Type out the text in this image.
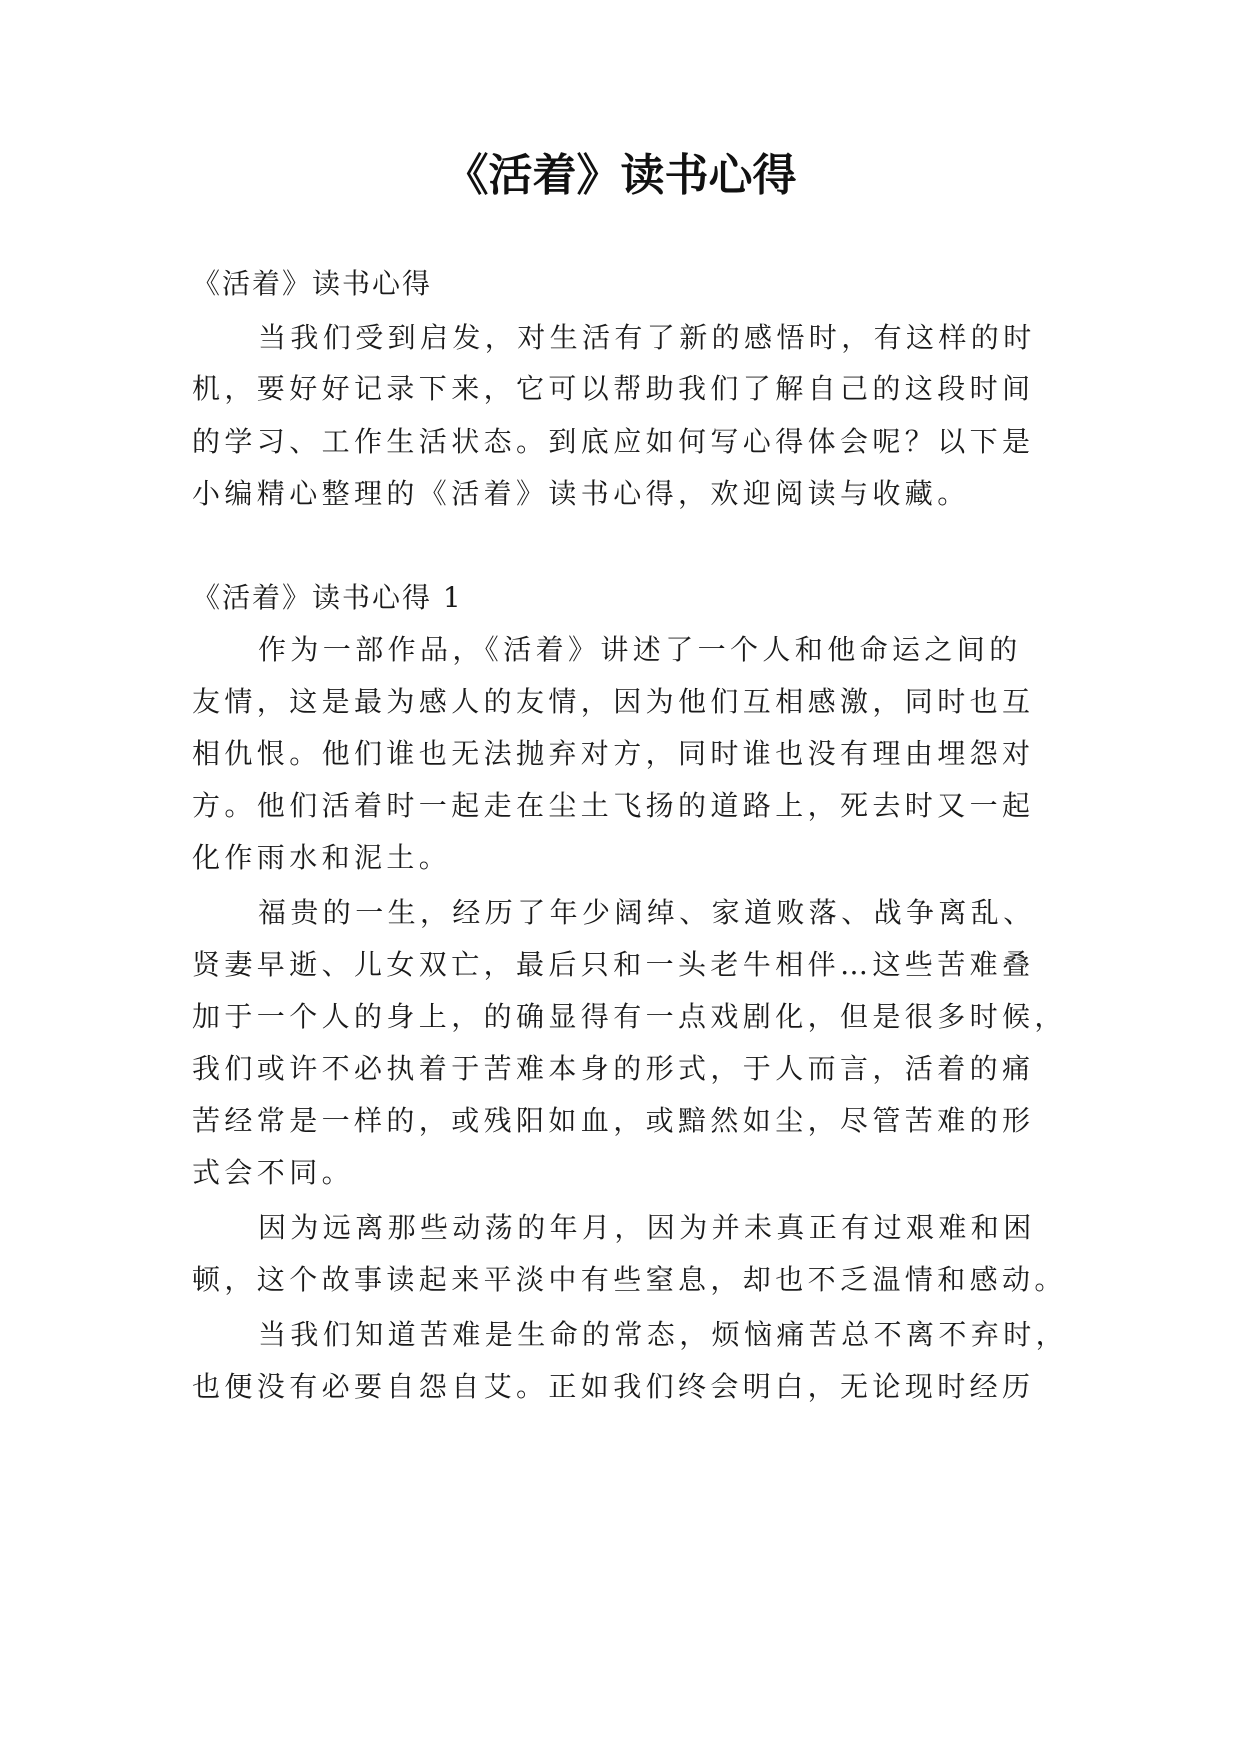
《活着》读书心得
《活着》读书心得
当我们受到启发，对生活有了新的感悟时，有这样的时
机，要好好记录下来，它可以帮助我们了解自己的这段时间
的学习、工作生活状态。到底应如何写心得体会呢？以下是
小编精心整理的《活着》读书心得，欢迎阅读与收藏。
《活着》读书心得 1
作为一部作品，《活着》讲述了一个人和他命运之间的
友情，这是最为感人的友情，因为他们互相感激，同时也互
相仇恨。他们谁也无法抛弃对方，同时谁也没有理由埋怨对
方。他们活着时一起走在尘土飞扬的道路上，死去时又一起
化作雨水和泥土。
福贵的一生，经历了年少阔绰、家道败落、战争离乱、
贤妻早逝、儿女双亡，最后只和一头老牛相伴…这些苦难叠
加于一个人的身上，的确显得有一点戏剧化，但是很多时候，
我们或许不必执着于苦难本身的形式，于人而言，活着的痛
苦经常是一样的，或残阳如血，或黯然如尘，尽管苦难的形
式会不同。
因为远离那些动荡的年月，因为并未真正有过艰难和困
顿，这个故事读起来平淡中有些窒息，却也不乏温情和感动。
当我们知道苦难是生命的常态，烦恼痛苦总不离不弃时，
也便没有必要自怨自艾。正如我们终会明白，无论现时经历
